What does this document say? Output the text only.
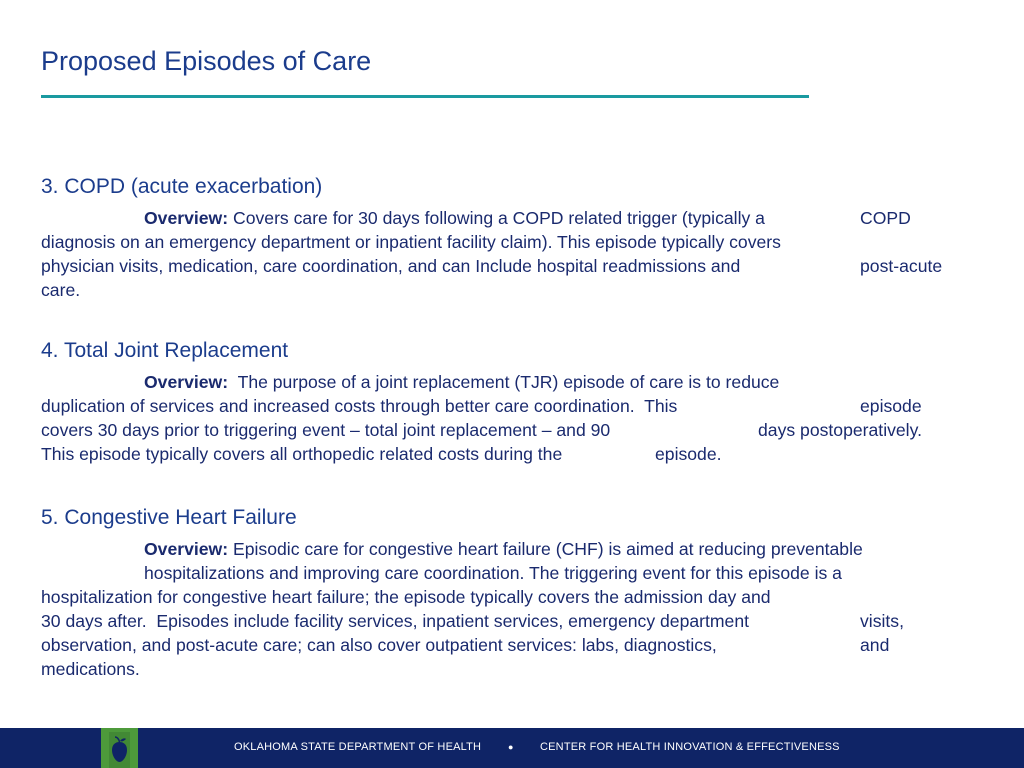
Proposed Episodes of Care
3. COPD (acute exacerbation)

Overview: Covers care for 30 days following a COPD related trigger (typically a

	COPD

diagnosis on an emergency department or inpatient facility claim). This episode typically covers

physician visits, medication, care coordination, and can Include hospital readmissions and

	post-acute

care.
4. Total Joint Replacement

Overview:  The purpose of a joint replacement (TJR) episode of care is to reduce

duplication of services and increased costs through better care coordination.  This

	episode

covers 30 days prior to triggering event – total joint replacement – and 90

	days postoperatively.

This episode typically covers all orthopedic related costs during the

	episode.

5. Congestive Heart Failure

Overview: Episodic care for congestive heart failure (CHF) is aimed at reducing preventable

hospitalizations and improving care coordination. The triggering event for this episode is a
hospitalization for congestive heart failure; the episode typically covers the admission day and

30 days after.  Episodes include facility services, inpatient services, emergency department

	visits,

observation, and post-acute care; can also cover outpatient services: labs, diagnostics,

	and

medications.
OKLAHOMA STATE DEPARTMENT OF HEALTH	● CENTER FOR HEALTH INNOVATION & EFFECTIVENESS
